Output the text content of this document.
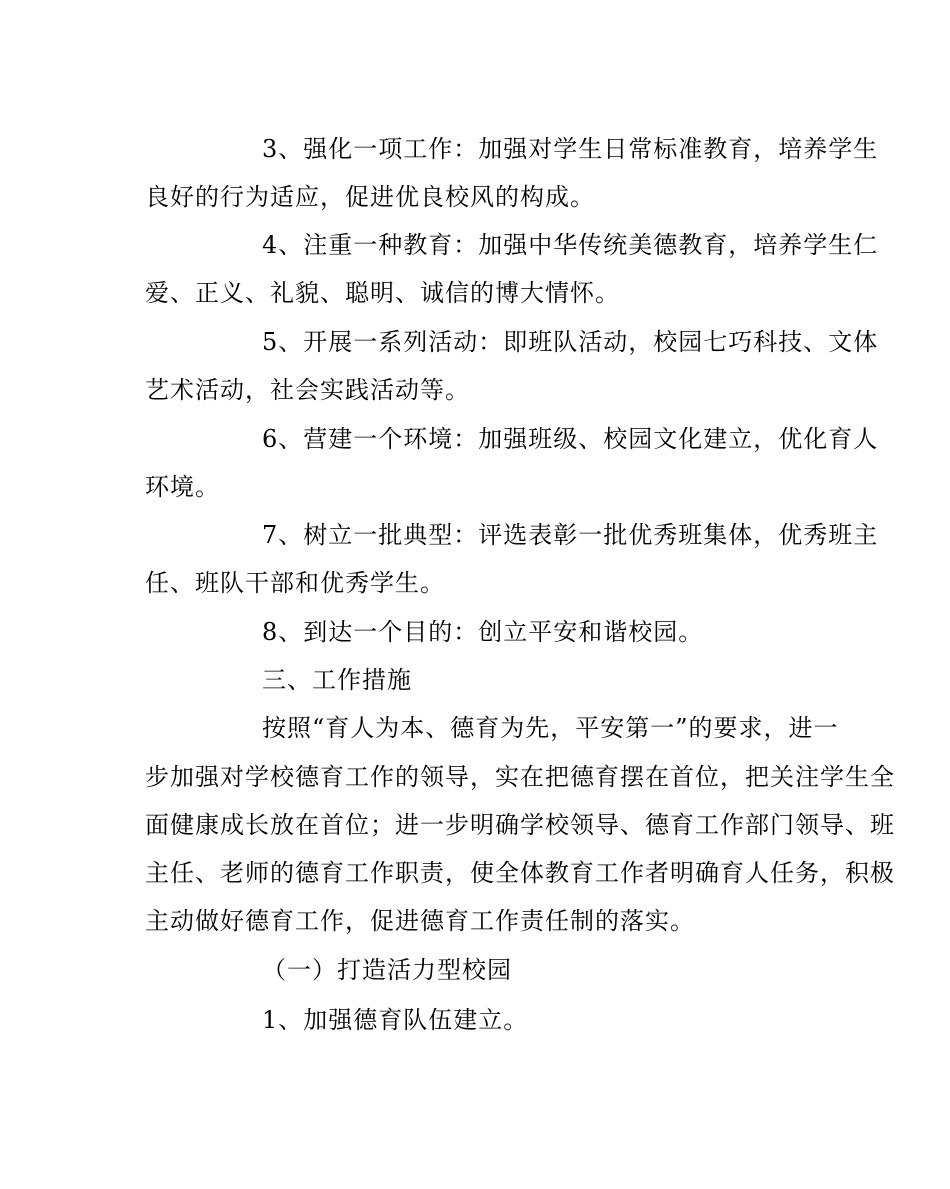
3、强化一项工作：加强对学生日常标准教育，培养学生
良好的行为适应，促进优良校风的构成。
4、注重一种教育：加强中华传统美德教育，培养学生仁
爱、正义、礼貌、聪明、诚信的博大情怀。
5、开展一系列活动：即班队活动，校园七巧科技、文体
艺术活动，社会实践活动等。
6、营建一个环境：加强班级、校园文化建立，优化育人
环境。
7、树立一批典型：评选表彰一批优秀班集体，优秀班主
任、班队干部和优秀学生。
8、到达一个目的：创立平安和谐校园。
三、工作措施
按照“育人为本、德育为先，平安第一”的要求，进一
步加强对学校德育工作的领导，实在把德育摆在首位，把关注学生全
面健康成长放在首位；进一步明确学校领导、德育工作部门领导、班
主任、老师的德育工作职责，使全体教育工作者明确育人任务，积极
主动做好德育工作，促进德育工作责任制的落实。
（一）打造活力型校园
1、加强德育队伍建立。
